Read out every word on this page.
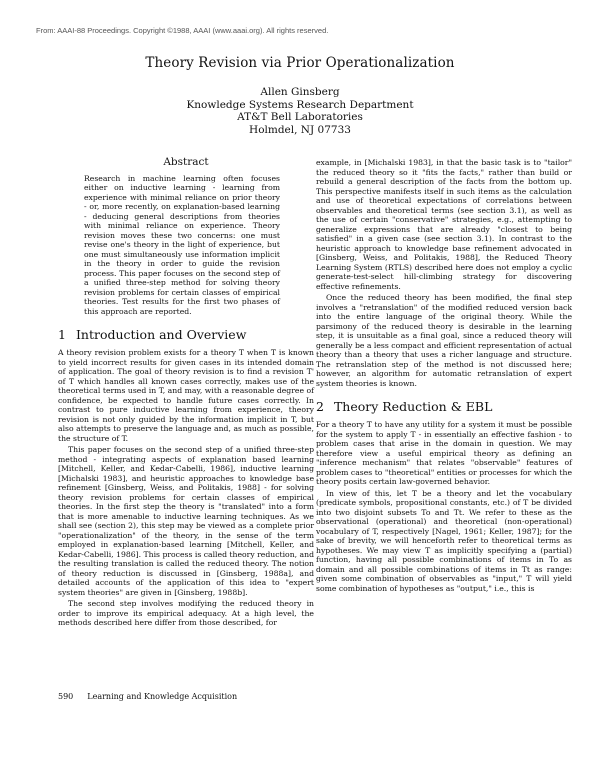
From: AAAI-88 Proceedings. Copyright ©1988, AAAI (www.aaai.org). All rights reserved.
Theory Revision via Prior Operationalization
Allen Ginsberg
Knowledge Systems Research Department
AT&T Bell Laboratories
Holmdel, NJ 07733
Abstract
Research in machine learning often focuses either on inductive learning - learning from experience with minimal reliance on prior theory - or, more recently, on explanation-based learning - deducing general descriptions from theories with minimal reliance on experience. Theory revision moves these two concerns: one must revise one's theory in the light of experience, but one must simultaneously use information implicit in the theory in order to guide the revision process. This paper focuses on the second step of a unified three-step method for solving theory revision problems for certain classes of empirical theories. Test results for the first two phases of this approach are reported.
1 Introduction and Overview

A theory revision problem exists for a theory T when T is known to yield incorrect results for given cases in its intended domain of application. The goal of theory revision is to find a revision T' of T which handles all known cases correctly, makes use of the theoretical terms used in T, and may, with a reasonable degree of confidence, be expected to handle future cases correctly. In contrast to pure inductive learning from experience, theory revision is not only guided by the information implicit in T, but also attempts to preserve the language and, as much as possible, the structure of T.

This paper focuses on the second step of a unified three-step method - integrating aspects of explanation based learning [Mitchell, Keller, and Kedar-Cabelli, 1986], inductive learning [Michalski 1983], and heuristic approaches to knowledge base refinement [Ginsberg, Weiss, and Politakis, 1988] - for solving theory revision problems for certain classes of empirical theories. In the first step the theory is "translated" into a form that is more amenable to inductive learning techniques. As we shall see (section 2), this step may be viewed as a complete prior "operationalization" of the theory, in the sense of the term employed in explanation-based learning [Mitchell, Keller, and Kedar-Cabelli, 1986]. This process is called theory reduction, and the resulting translation is called the reduced theory. The notion of theory reduction is discussed in [Ginsberg, 1988a], and detailed accounts of the application of this idea to "expert system theories" are given in [Ginsberg, 1988b].

The second step involves modifying the reduced theory in order to improve its empirical adequacy. At a high level, the methods described here differ from those described, for

example, in [Michalski 1983], in that the basic task is to "tailor" the reduced theory so it "fits the facts," rather than build or rebuild a general description of the facts from the bottom up. This perspective manifests itself in such items as the calculation and use of theoretical expectations of correlations between observables and theoretical terms (see section 3.1), as well as the use of certain "conservative" strategies, e.g., attempting to generalize expressions that are already "closest to being satisfied" in a given case (see section 3.1). In contrast to the heuristic approach to knowledge base refinement advocated in [Ginsberg, Weiss, and Politakis, 1988], the Reduced Theory Learning System (RTLS) described here does not employ a cyclic generate-test-select hill-climbing strategy for discovering effective refinements.

Once the reduced theory has been modified, the final step involves a "retranslation" of the modified reduced version back into the entire language of the original theory. While the parsimony of the reduced theory is desirable in the learning step, it is unsuitable as a final goal, since a reduced theory will generally be a less compact and efficient representation of actual theory than a theory that uses a richer language and structure. The retranslation step of the method is not discussed here; however, an algorithm for automatic retranslation of expert system theories is known.

2 Theory Reduction & EBL

For a theory T to have any utility for a system it must be possible for the system to apply T - in essentially an effective fashion - to problem cases that arise in the domain in question. We may therefore view a useful empirical theory as defining an "inference mechanism" that relates "observable" features of problem cases to "theoretical" entities or processes for which the theory posits certain law-governed behavior.

In view of this, let T be a theory and let the vocabulary (predicate symbols, propositional constants, etc.) of T be divided into two disjoint subsets To and Tt. We refer to these as the observational (operational) and theoretical (non-operational) vocabulary of T, respectively [Nagel, 1961; Keller, 1987]; for the sake of brevity, we will henceforth refer to theoretical terms as hypotheses. We may view T as implicitly specifying a (partial) function, having all possible combinations of items in To as domain and all possible combinations of items in Tt as range: given some combination of observables as "input," T will yield some combination of hypotheses as "output," i.e., this is

590 Learning and Knowledge Acquisition
